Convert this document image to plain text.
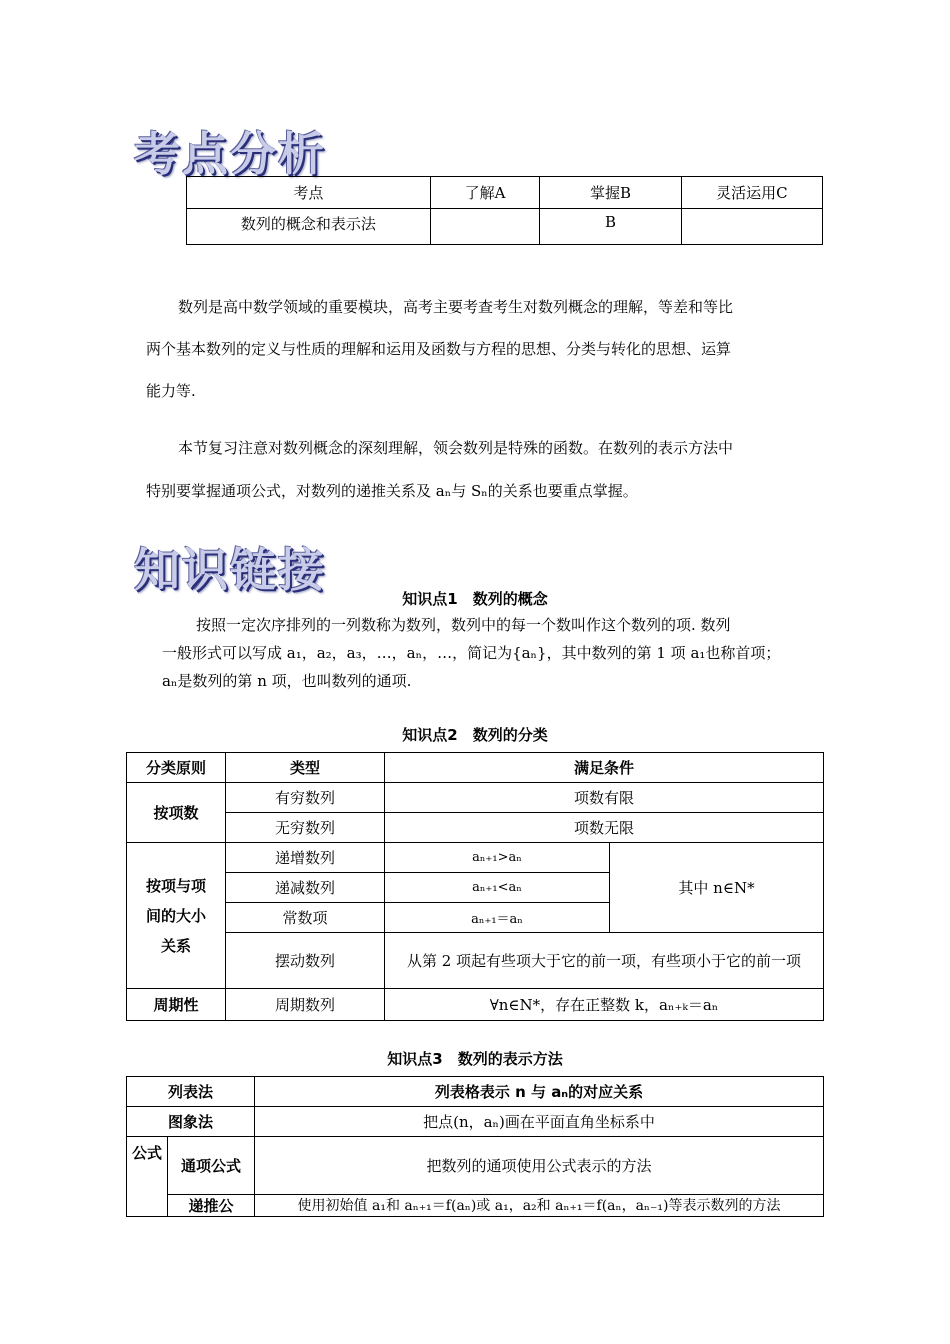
考点分析
考点	了解A	掌握B	灵活运用C
数列的概念和表示法		B	
数列是高中数学领域的重要模块，高考主要考查考生对数列概念的理解，等差和等比
两个基本数列的定义与性质的理解和运用及函数与方程的思想、分类与转化的思想、运算
能力等.
本节复习注意对数列概念的深刻理解，领会数列是特殊的函数。在数列的表示方法中
特别要掌握通项公式，对数列的递推关系及 aₙ与 Sₙ的关系也要重点掌握。
知识链接
知识点1　数列的概念
按照一定次序排列的一列数称为数列，数列中的每一个数叫作这个数列的项. 数列
一般形式可以写成 a₁，a₂，a₃，…，aₙ，…，简记为{aₙ}，其中数列的第 1 项 a₁也称首项；
aₙ是数列的第 n 项，也叫数列的通项.
知识点2　数列的分类
分类原则	类型	满足条件	
按项数	有穷数列	项数有限	
	无穷数列	项数无限	
按项与项间的大小关系	递增数列	aₙ₊₁>aₙ	其中 n∈N*
	递减数列	aₙ₊₁<aₙ	
	常数项	aₙ₊₁＝aₙ	
	摆动数列	从第 2 项起有些项大于它的前一项，有些项小于它的前一项	
周期性	周期数列	∀n∈N*，存在正整数 k，aₙ₊ₖ＝aₙ	
知识点3　数列的表示方法
列表法		列表格表示 n 与 aₙ的对应关系
图象法		把点(n，aₙ)画在平面直角坐标系中
公式	通项公式	把数列的通项使用公式表示的方法
	递推公	使用初始值 a₁和 aₙ₊₁＝f(aₙ)或 a₁，a₂和 aₙ₊₁＝f(aₙ，aₙ₋₁)等表示数列的方法
